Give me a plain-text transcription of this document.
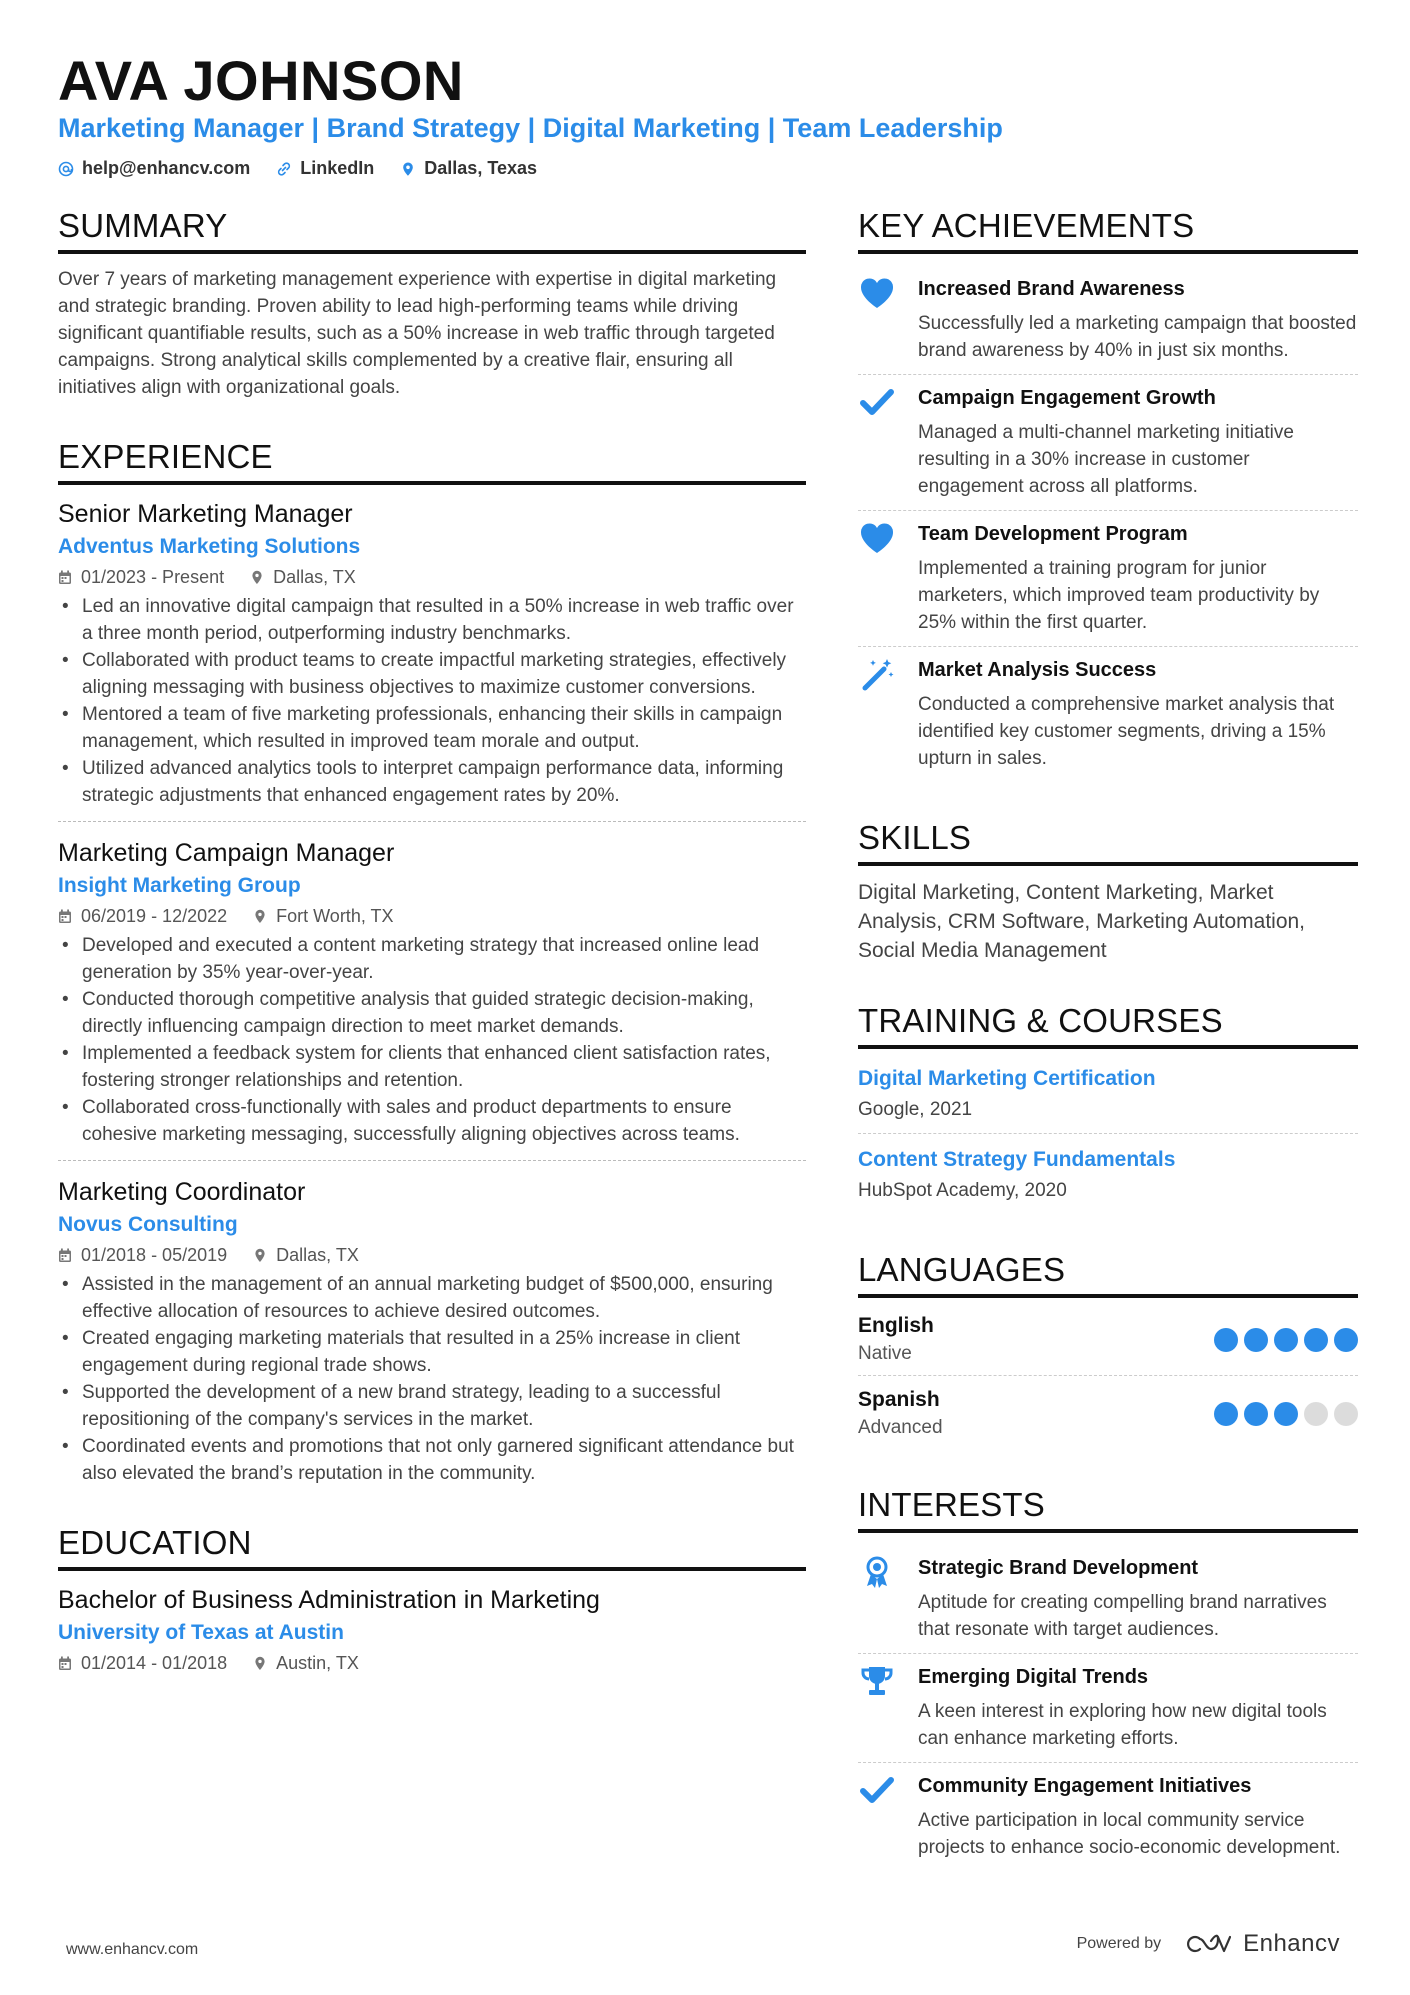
AVA JOHNSON
Marketing Manager | Brand Strategy | Digital Marketing | Team Leadership
help@enhancv.com	LinkedIn	Dallas, Texas
SUMMARY

Over 7 years of marketing management experience with expertise in digital marketing and strategic branding. Proven ability to lead high-performing teams while driving significant quantifiable results, such as a 50% increase in web traffic through targeted campaigns. Strong analytical skills complemented by a creative flair, ensuring all initiatives align with organizational goals.

EXPERIENCE
Senior Marketing Manager
Adventus Marketing Solutions
01/2023 - Present	Dallas, TX
• Led an innovative digital campaign that resulted in a 50% increase in web traffic over a three month period, outperforming industry benchmarks.
• Collaborated with product teams to create impactful marketing strategies, effectively aligning messaging with business objectives to maximize customer conversions.
• Mentored a team of five marketing professionals, enhancing their skills in campaign management, which resulted in improved team morale and output.
• Utilized advanced analytics tools to interpret campaign performance data, informing strategic adjustments that enhanced engagement rates by 20%.
Marketing Campaign Manager
Insight Marketing Group
06/2019 - 12/2022	Fort Worth, TX
• Developed and executed a content marketing strategy that increased online lead generation by 35% year-over-year.
• Conducted thorough competitive analysis that guided strategic decision-making, directly influencing campaign direction to meet market demands.
• Implemented a feedback system for clients that enhanced client satisfaction rates, fostering stronger relationships and retention.
• Collaborated cross-functionally with sales and product departments to ensure cohesive marketing messaging, successfully aligning objectives across teams.
Marketing Coordinator
Novus Consulting
01/2018 - 05/2019	Dallas, TX
• Assisted in the management of an annual marketing budget of $500,000, ensuring effective allocation of resources to achieve desired outcomes.
• Created engaging marketing materials that resulted in a 25% increase in client engagement during regional trade shows.
• Supported the development of a new brand strategy, leading to a successful repositioning of the company's services in the market.
• Coordinated events and promotions that not only garnered significant attendance but also elevated the brand’s reputation in the community.
EDUCATION
Bachelor of Business Administration in Marketing
University of Texas at Austin
01/2014 - 01/2018	Austin, TX
KEY ACHIEVEMENTS
Increased Brand Awareness
Successfully led a marketing campaign that boosted brand awareness by 40% in just six months.
Campaign Engagement Growth
Managed a multi-channel marketing initiative resulting in a 30% increase in customer engagement across all platforms.
Team Development Program
Implemented a training program for junior marketers, which improved team productivity by 25% within the first quarter.
Market Analysis Success
Conducted a comprehensive market analysis that identified key customer segments, driving a 15% upturn in sales.
SKILLS

Digital Marketing, Content Marketing, Market Analysis, CRM Software, Marketing Automation, Social Media Management

TRAINING & COURSES
Digital Marketing Certification
Google, 2021
Content Strategy Fundamentals
HubSpot Academy, 2020
LANGUAGES
English
Native
Spanish
Advanced
INTERESTS
Strategic Brand Development
Aptitude for creating compelling brand narratives that resonate with target audiences.
Emerging Digital Trends
A keen interest in exploring how new digital tools can enhance marketing efforts.
Community Engagement Initiatives
Active participation in local community service projects to enhance socio-economic development.
www.enhancv.com	Powered by	Enhancv
